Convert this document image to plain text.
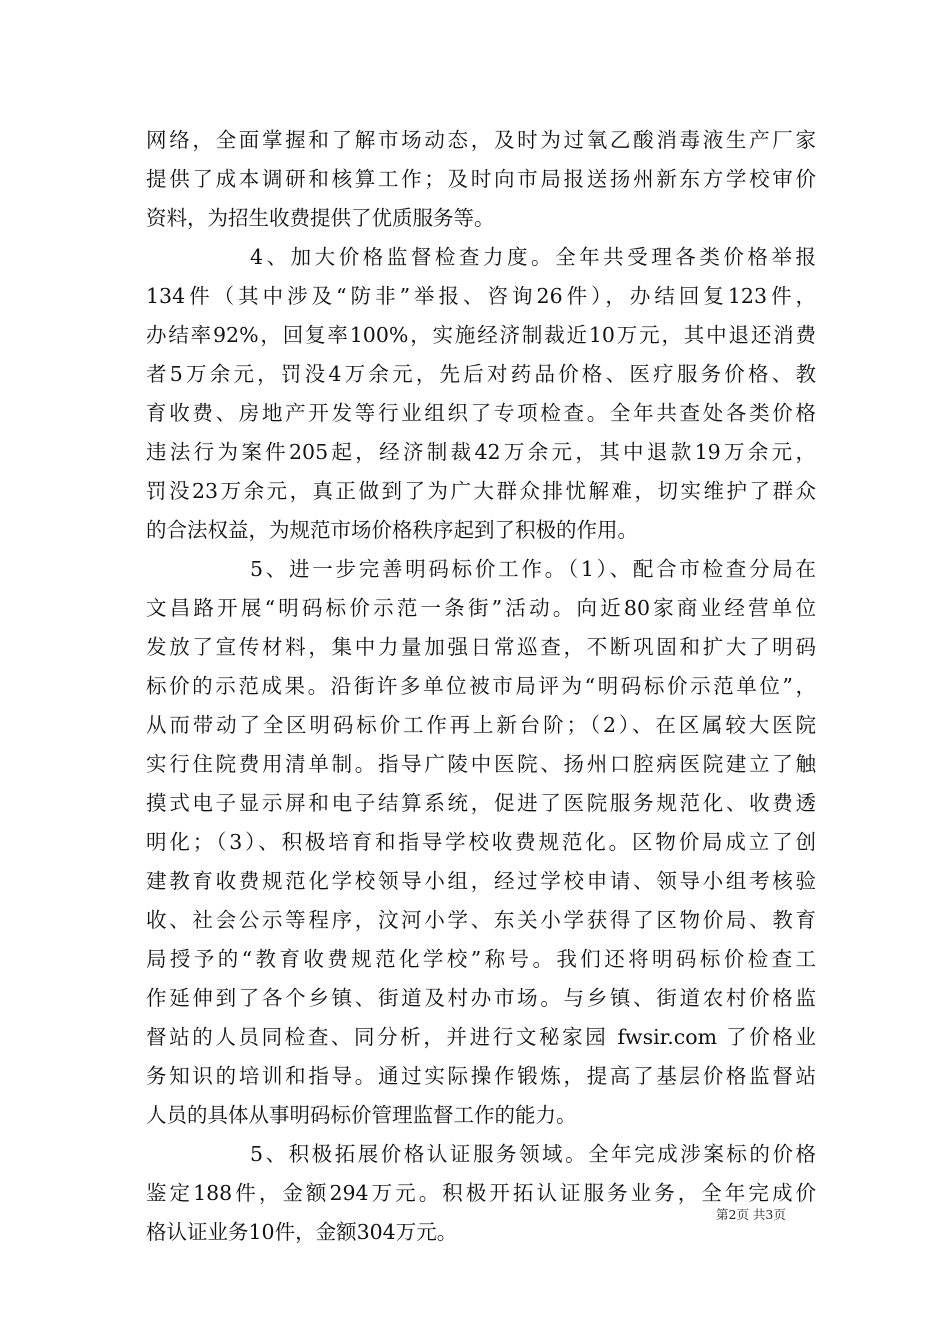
网络，全面掌握和了解市场动态，及时为过氧乙酸消毒液生产厂家
提供了成本调研和核算工作；及时向市局报送扬州新东方学校审价
资料，为招生收费提供了优质服务等。
4、加大价格监督检查力度。全年共受理各类价格举报
134件（其中涉及“防非”举报、咨询26件），办结回复123件，
办结率92%，回复率100%，实施经济制裁近10万元，其中退还消费
者5万余元，罚没4万余元，先后对药品价格、医疗服务价格、教
育收费、房地产开发等行业组织了专项检查。全年共查处各类价格
违法行为案件205起，经济制裁42万余元，其中退款19万余元，
罚没23万余元，真正做到了为广大群众排忧解难，切实维护了群众
的合法权益，为规范市场价格秩序起到了积极的作用。
5、进一步完善明码标价工作。（1）、配合市检查分局在
文昌路开展“明码标价示范一条街”活动。向近80家商业经营单位
发放了宣传材料，集中力量加强日常巡查，不断巩固和扩大了明码
标价的示范成果。沿街许多单位被市局评为“明码标价示范单位”，
从而带动了全区明码标价工作再上新台阶；（2）、在区属较大医院
实行住院费用清单制。指导广陵中医院、扬州口腔病医院建立了触
摸式电子显示屏和电子结算系统，促进了医院服务规范化、收费透
明化；（3）、积极培育和指导学校收费规范化。区物价局成立了创
建教育收费规范化学校领导小组，经过学校申请、领导小组考核验
收、社会公示等程序，汶河小学、东关小学获得了区物价局、教育
局授予的“教育收费规范化学校”称号。我们还将明码标价检查工
作延伸到了各个乡镇、街道及村办市场。与乡镇、街道农村价格监
督站的人员同检查、同分析，并进行文秘家园 fwsir.com 了价格业
务知识的培训和指导。通过实际操作锻炼，提高了基层价格监督站
人员的具体从事明码标价管理监督工作的能力。
5、积极拓展价格认证服务领域。全年完成涉案标的价格
鉴定188件，金额294万元。积极开拓认证服务业务，全年完成价
格认证业务10件，金额304万元。
第2页 共3页
